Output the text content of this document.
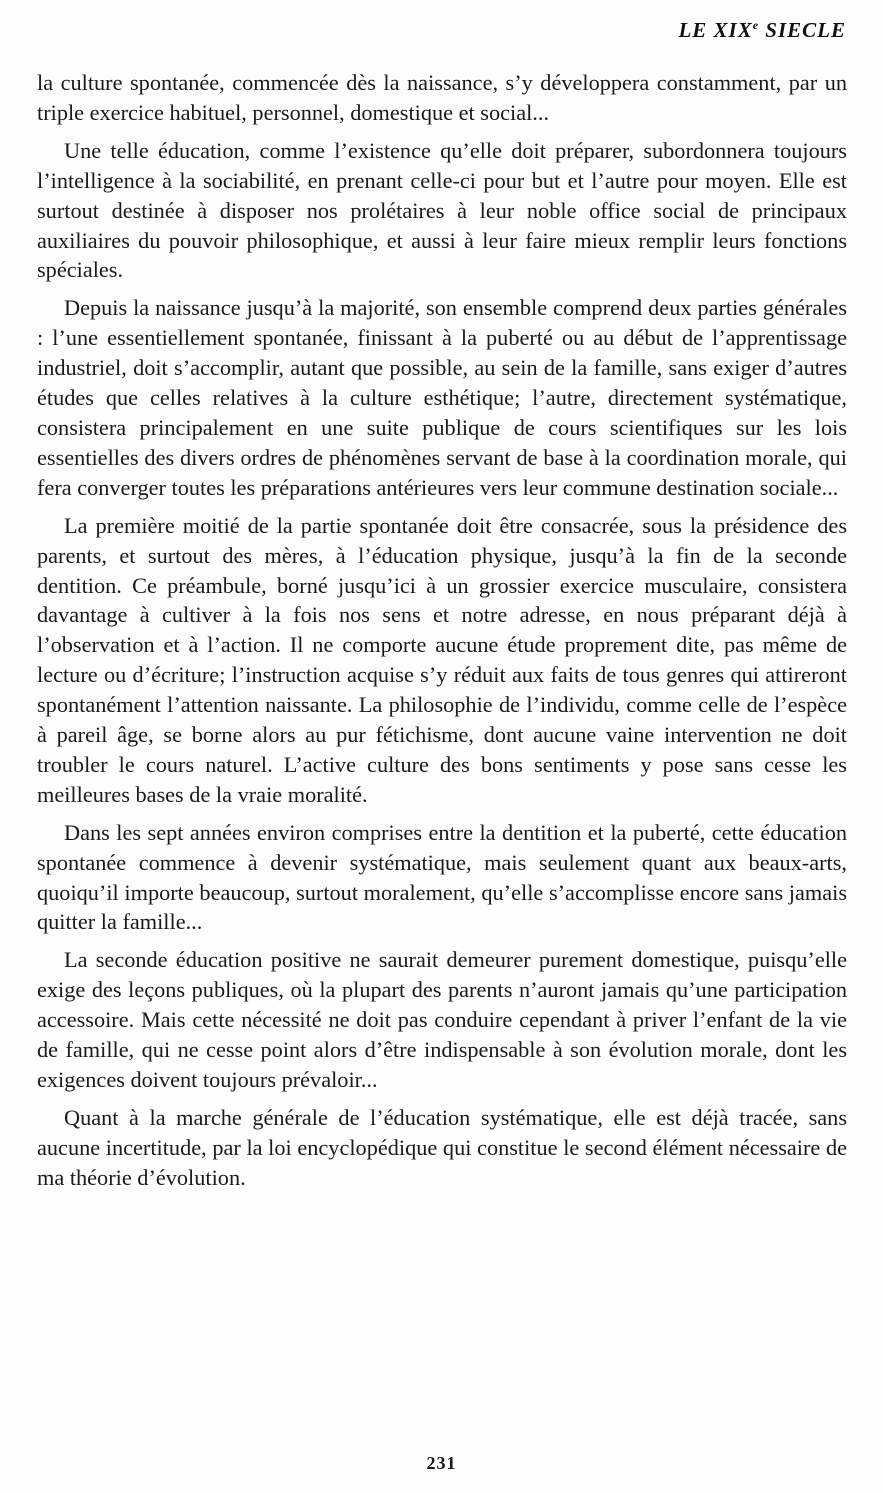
LE XIXe SIECLE

la culture spontanée, commencée dès la naissance, s’y développera constamment, par un triple exercice habituel, personnel, domestique et social...

Une telle éducation, comme l’existence qu’elle doit préparer, subordonnera toujours l’intelligence à la sociabilité, en prenant celle-ci pour but et l’autre pour moyen. Elle est surtout destinée à disposer nos prolétaires à leur noble office social de principaux auxiliaires du pouvoir philosophique, et aussi à leur faire mieux remplir leurs fonctions spéciales.

Depuis la naissance jusqu’à la majorité, son ensemble comprend deux parties générales : l’une essentiellement spontanée, finissant à la puberté ou au début de l’apprentissage industriel, doit s’accomplir, autant que possible, au sein de la famille, sans exiger d’autres études que celles relatives à la culture esthétique; l’autre, directement systématique, consistera principalement en une suite publique de cours scientifiques sur les lois essentielles des divers ordres de phénomènes servant de base à la coordination morale, qui fera converger toutes les préparations antérieures vers leur commune destination sociale...

La première moitié de la partie spontanée doit être consacrée, sous la présidence des parents, et surtout des mères, à l’éducation physique, jusqu’à la fin de la seconde dentition. Ce préambule, borné jusqu’ici à un grossier exercice musculaire, consistera davantage à cultiver à la fois nos sens et notre adresse, en nous préparant déjà à l’observation et à l’action. Il ne comporte aucune étude proprement dite, pas même de lecture ou d’écriture; l’instruction acquise s’y réduit aux faits de tous genres qui attireront spontanément l’attention naissante. La philosophie de l’individu, comme celle de l’espèce à pareil âge, se borne alors au pur fétichisme, dont aucune vaine intervention ne doit troubler le cours naturel. L’active culture des bons sentiments y pose sans cesse les meilleures bases de la vraie moralité.

Dans les sept années environ comprises entre la dentition et la puberté, cette éducation spontanée commence à devenir systématique, mais seulement quant aux beaux-arts, quoiqu’il importe beaucoup, surtout moralement, qu’elle s’accomplisse encore sans jamais quitter la famille...

La seconde éducation positive ne saurait demeurer purement domestique, puisqu’elle exige des leçons publiques, où la plupart des parents n’auront jamais qu’une participation accessoire. Mais cette nécessité ne doit pas conduire cependant à priver l’enfant de la vie de famille, qui ne cesse point alors d’être indispensable à son évolution morale, dont les exigences doivent toujours prévaloir...

Quant à la marche générale de l’éducation systématique, elle est déjà tracée, sans aucune incertitude, par la loi encyclopédique qui constitue le second élément nécessaire de ma théorie d’évolution.

231
